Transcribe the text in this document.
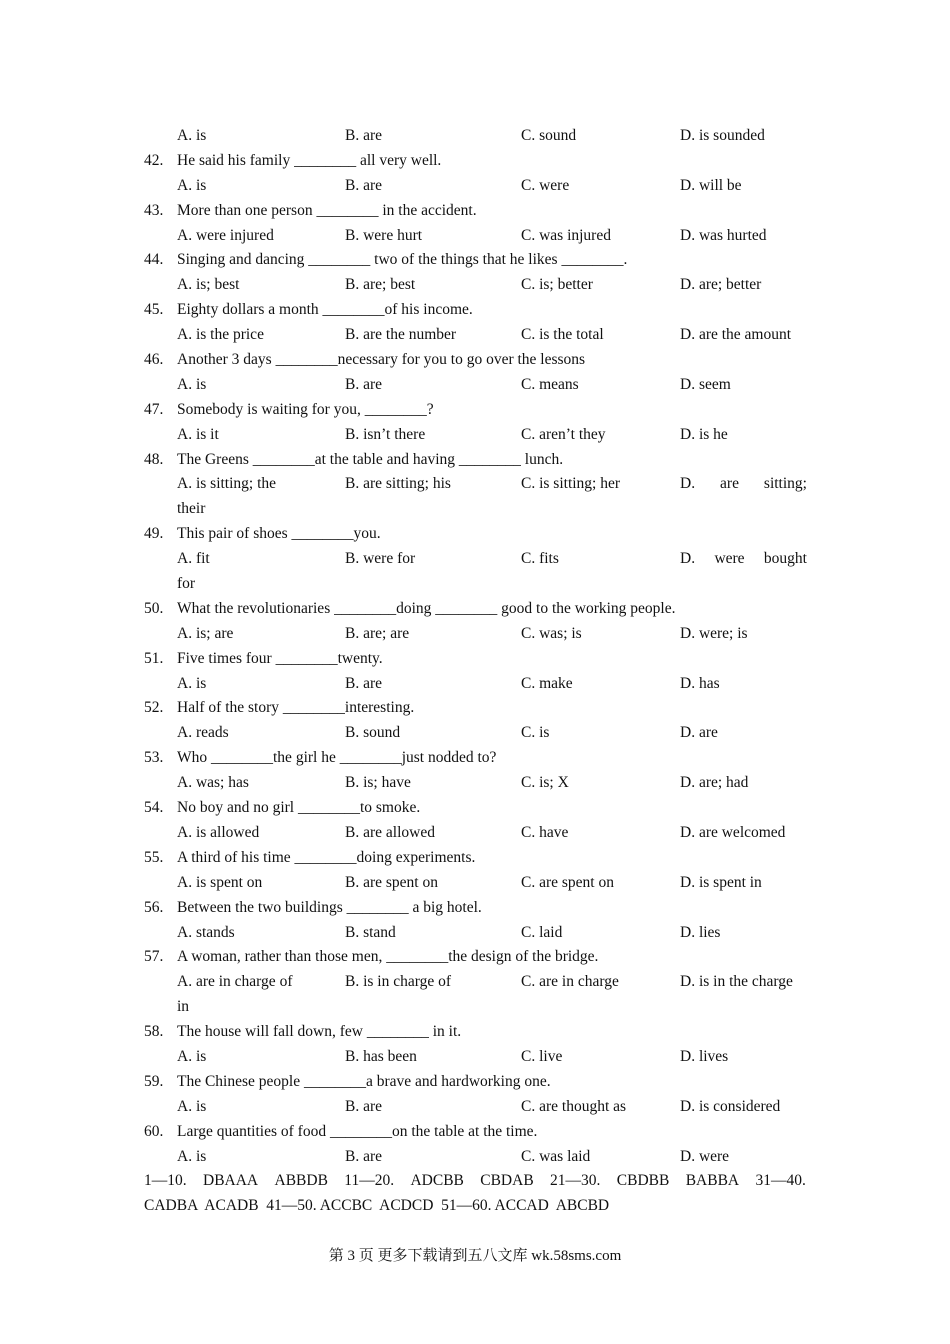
A. is	B. are	C. sound	D. is sounded
42. He said his family ________ all very well.
A. is	B. are	C. were	D. will be
43. More than one person ________ in the accident.
A. were injured	B. were hurt	C. was injured	D. was hurted
44. Singing and dancing ________ two of the things that he likes ________.
A. is; best	B. are; best	C. is; better	D. are; better
45. Eighty dollars a month ________of his income.
A. is the price	B. are the number	C. is the total	D. are the amount
46. Another 3 days ________necessary for you to go over the lessons
A. is	B. are	C. means	D. seem
47. Somebody is waiting for you, ________?
A. is it	B. isn’t there	C. aren’t they	D. is he
48. The Greens ________at the table and having ________ lunch.
A. is sitting; the	B. are sitting; his	C. is sitting; her	D. are sitting;
their
49. This pair of shoes ________you.
A. fit	B. were for	C. fits	D. were bought
for
50. What the revolutionaries ________doing ________ good to the working people.
A. is; are	B. are; are	C. was; is	D. were; is
51. Five times four ________twenty.
A. is	B. are	C. make	D. has
52. Half of the story ________interesting.
A. reads	B. sound	C. is	D. are
53. Who ________the girl he ________just nodded to?
A. was; has	B. is; have	C. is; X	D. are; had
54. No boy and no girl ________to smoke.
A. is allowed	B. are allowed	C. have	D. are welcomed
55. A third of his time ________doing experiments.
A. is spent on	B. are spent on	C. are spent on	D. is spent in
56. Between the two buildings ________ a big hotel.
A. stands	B. stand	C. laid	D. lies
57. A woman, rather than those men, ________the design of the bridge.
A. are in charge of	B. is in charge of	C. are in charge	D. is in the charge
in
58. The house will fall down, few ________ in it.
A. is	B. has been	C. live	D. lives
59. The Chinese people ________a brave and hardworking one.
A. is	B. are	C. are thought as	D. is considered
60. Large quantities of food ________on the table at the time.
A. is	B. are	C. was laid	D. were
1—10. DBAAA ABBDB 11—20. ADCBB CBDAB 21—30. CBDBB BABBA 31—40.
CADBA  ACADB  41—50. ACCBC  ACDCD  51—60. ACCAD  ABCBD
第 3 页 更多下载请到五八文库 wk.58sms.com
